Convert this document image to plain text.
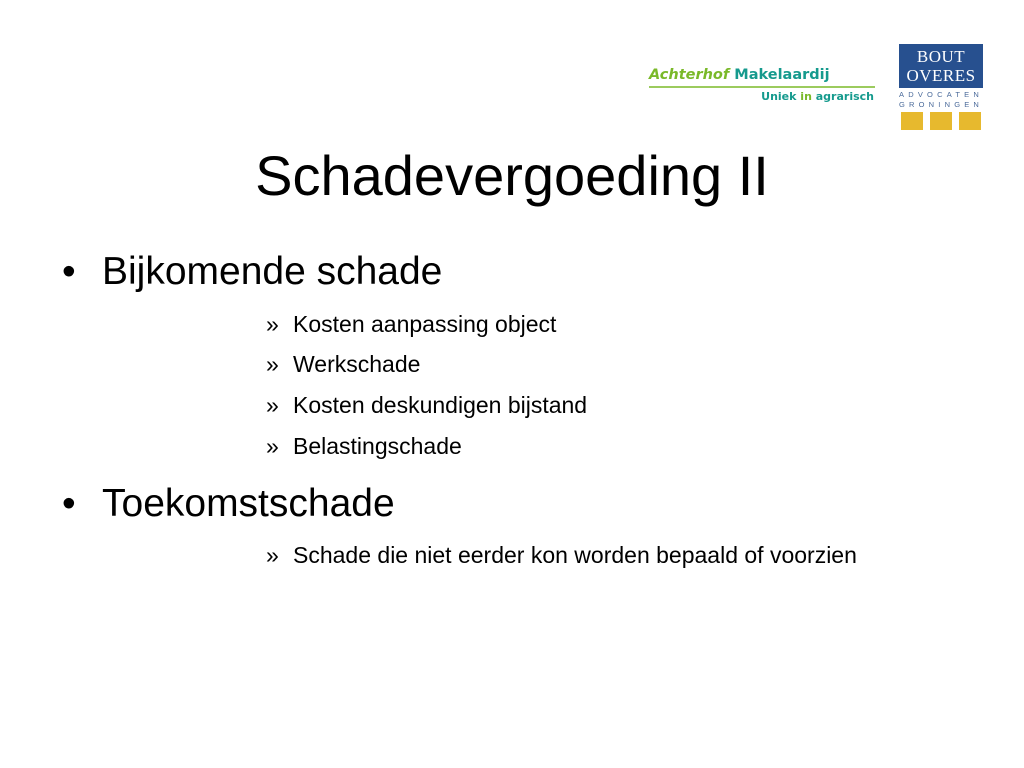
Achterhof Makelaardij
Uniek in agrarisch
BOUT
OVERES
ADVOCATEN
GRONINGEN
Schadevergoeding II
• Bijkomende schade
» Kosten aanpassing object
» Werkschade
» Kosten deskundigen bijstand
» Belastingschade
• Toekomstschade
» Schade die niet eerder kon worden bepaald of voorzien
